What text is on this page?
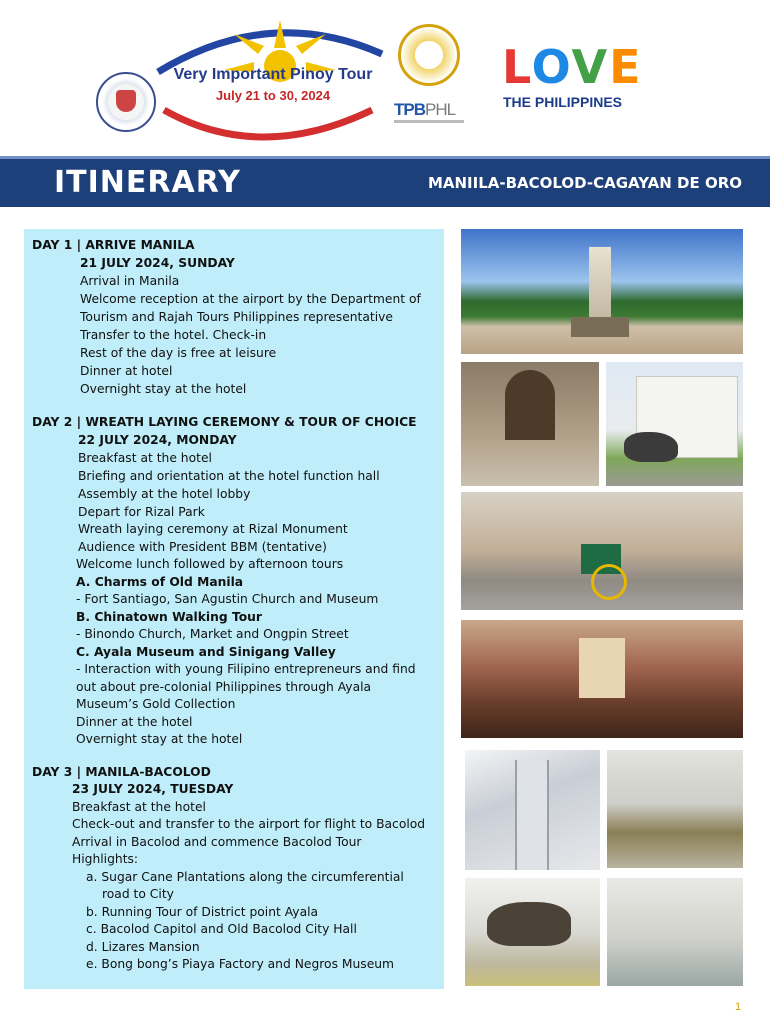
Very Important Pinoy Tour
July 21 to 30, 2024
TPBPHL
LOVE
THE PHILIPPINES
ITINERARY	MANIILA-BACOLOD-CAGAYAN DE ORO
DAY 1 | ARRIVE MANILA
21 JULY 2024, SUNDAY
Arrival in Manila
Welcome reception at the airport by the Department of
Tourism and Rajah Tours Philippines representative
Transfer to the hotel. Check-in
Rest of the day is free at leisure
Dinner at hotel
Overnight stay at the hotel
DAY 2 | WREATH LAYING CEREMONY & TOUR OF CHOICE
22 JULY 2024, MONDAY
Breakfast at the hotel
Briefing and orientation at the hotel function hall
Assembly at the hotel lobby
Depart for Rizal Park
Wreath laying ceremony at Rizal Monument
Audience with President BBM (tentative)
Welcome lunch followed by afternoon tours
A. Charms of Old Manila
- Fort Santiago, San Agustin Church and Museum
B. Chinatown Walking Tour
- Binondo Church, Market and Ongpin Street
C. Ayala Museum and Sinigang Valley
- Interaction with young Filipino entrepreneurs and find
out about pre-colonial Philippines through Ayala
Museum’s Gold Collection
Dinner at the hotel
Overnight stay at the hotel
DAY 3 | MANILA-BACOLOD
23 JULY 2024, TUESDAY
Breakfast at the hotel
Check-out and transfer to the airport for flight to Bacolod
Arrival in Bacolod and commence Bacolod Tour
Highlights:
a. Sugar Cane Plantations along the circumferential
road to City
b. Running Tour of District point Ayala
c. Bacolod Capitol and Old Bacolod City Hall
d. Lizares Mansion
e. Bong bong’s Piaya Factory and Negros Museum
1
